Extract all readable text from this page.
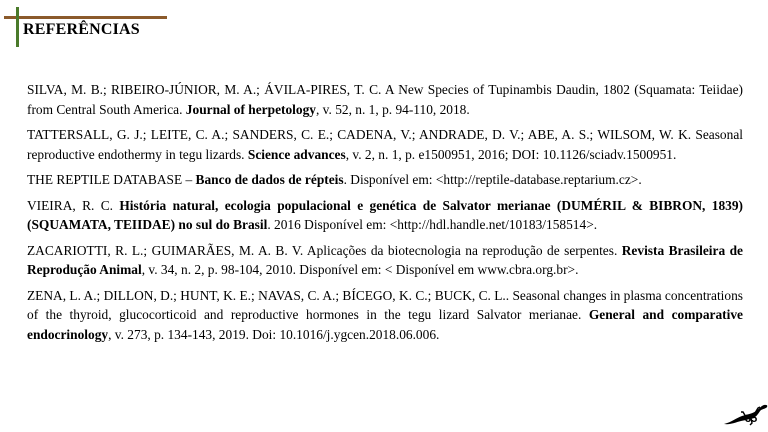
REFERÊNCIAS
SILVA, M. B.; RIBEIRO-JÚNIOR, M. A.; ÁVILA-PIRES, T. C. A New Species of Tupinambis Daudin, 1802 (Squamata: Teiidae) from Central South America. Journal of herpetology, v. 52, n. 1, p. 94-110, 2018.
TATTERSALL, G. J.; LEITE, C. A.; SANDERS, C. E.; CADENA, V.; ANDRADE, D. V.; ABE, A. S.; WILSOM, W. K. Seasonal reproductive endothermy in tegu lizards. Science advances, v. 2, n. 1, p. e1500951, 2016; DOI: 10.1126/sciadv.1500951.
THE REPTILE DATABASE – Banco de dados de répteis. Disponível em: <http://reptile-database.reptarium.cz>.
VIEIRA, R. C. História natural, ecologia populacional e genética de Salvator merianae (DUMÉRIL & BIBRON, 1839)(SQUAMATA, TEIIDAE) no sul do Brasil. 2016 Disponível em: <http://hdl.handle.net/10183/158514>.
ZACARIOTTI, R. L.; GUIMARÃES, M. A. B. V. Aplicações da biotecnologia na reprodução de serpentes. Revista Brasileira de Reprodução Animal, v. 34, n. 2, p. 98-104, 2010. Disponível em: < Disponível em www.cbra.org.br>.
ZENA, L. A.; DILLON, D.; HUNT, K. E.; NAVAS, C. A.; BÍCEGO, K. C.; BUCK, C. L.. Seasonal changes in plasma concentrations of the thyroid, glucocorticoid and reproductive hormones in the tegu lizard Salvator merianae. General and comparative endocrinology, v. 273, p. 134-143, 2019. Doi: 10.1016/j.ygcen.2018.06.006.
35
